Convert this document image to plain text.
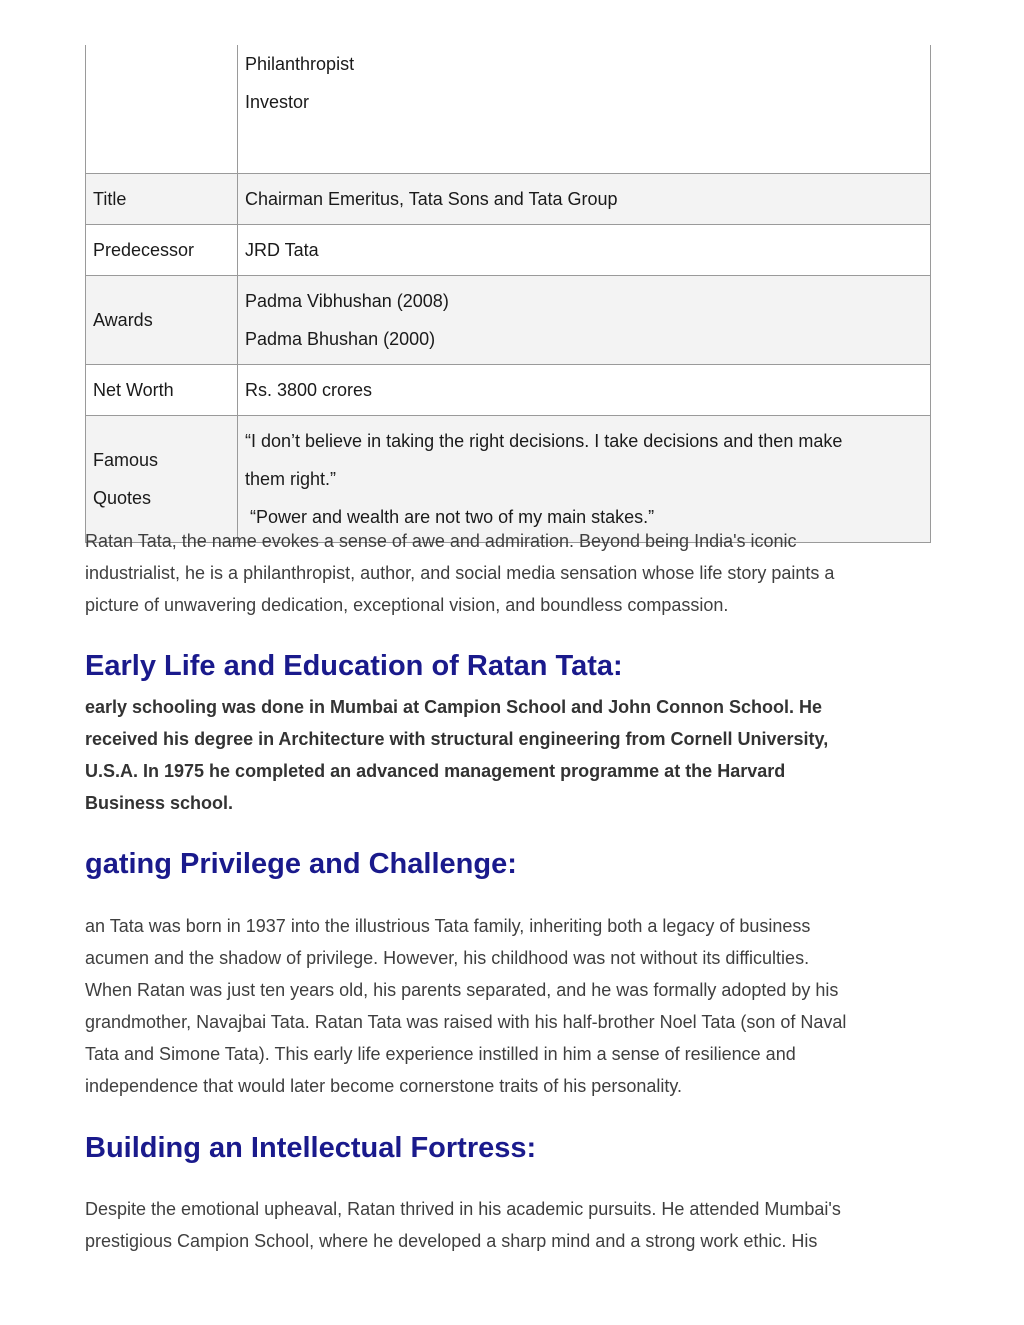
	Philanthropist
Investor

Title	Chairman Emeritus, Tata Sons and Tata Group
Predecessor	JRD Tata
Awards	Padma Vibhushan (2008)
Padma Bhushan (2000)

Net Worth	Rs. 3800 crores

Famous
Quotes	“I don’t believe in taking the right decisions. I take decisions and then make
them right.”
“Power and wealth are not two of my main stakes.”

Ratan Tata, the name evokes a sense of awe and admiration. Beyond being India's iconic

industrialist, he is a philanthropist, author, and social media sensation whose life story paints a

picture of unwavering dedication, exceptional vision, and boundless compassion.

Early Life and Education of Ratan Tata:

early schooling was done in Mumbai at Campion School and John Connon School. He

received his degree in Architecture with structural engineering from Cornell University,

U.S.A. In 1975 he completed an advanced management programme at the Harvard

Business school.

gating Privilege and Challenge:

an Tata was born in 1937 into the illustrious Tata family, inheriting both a legacy of business

acumen and the shadow of privilege. However, his childhood was not without its difficulties.

When Ratan was just ten years old, his parents separated, and he was formally adopted by his

grandmother, Navajbai Tata. Ratan Tata was raised with his half-brother Noel Tata (son of Naval

Tata and Simone Tata). This early life experience instilled in him a sense of resilience and

independence that would later become cornerstone traits of his personality.

Building an Intellectual Fortress:

Despite the emotional upheaval, Ratan thrived in his academic pursuits. He attended Mumbai's

prestigious Campion School, where he developed a sharp mind and a strong work ethic. His
